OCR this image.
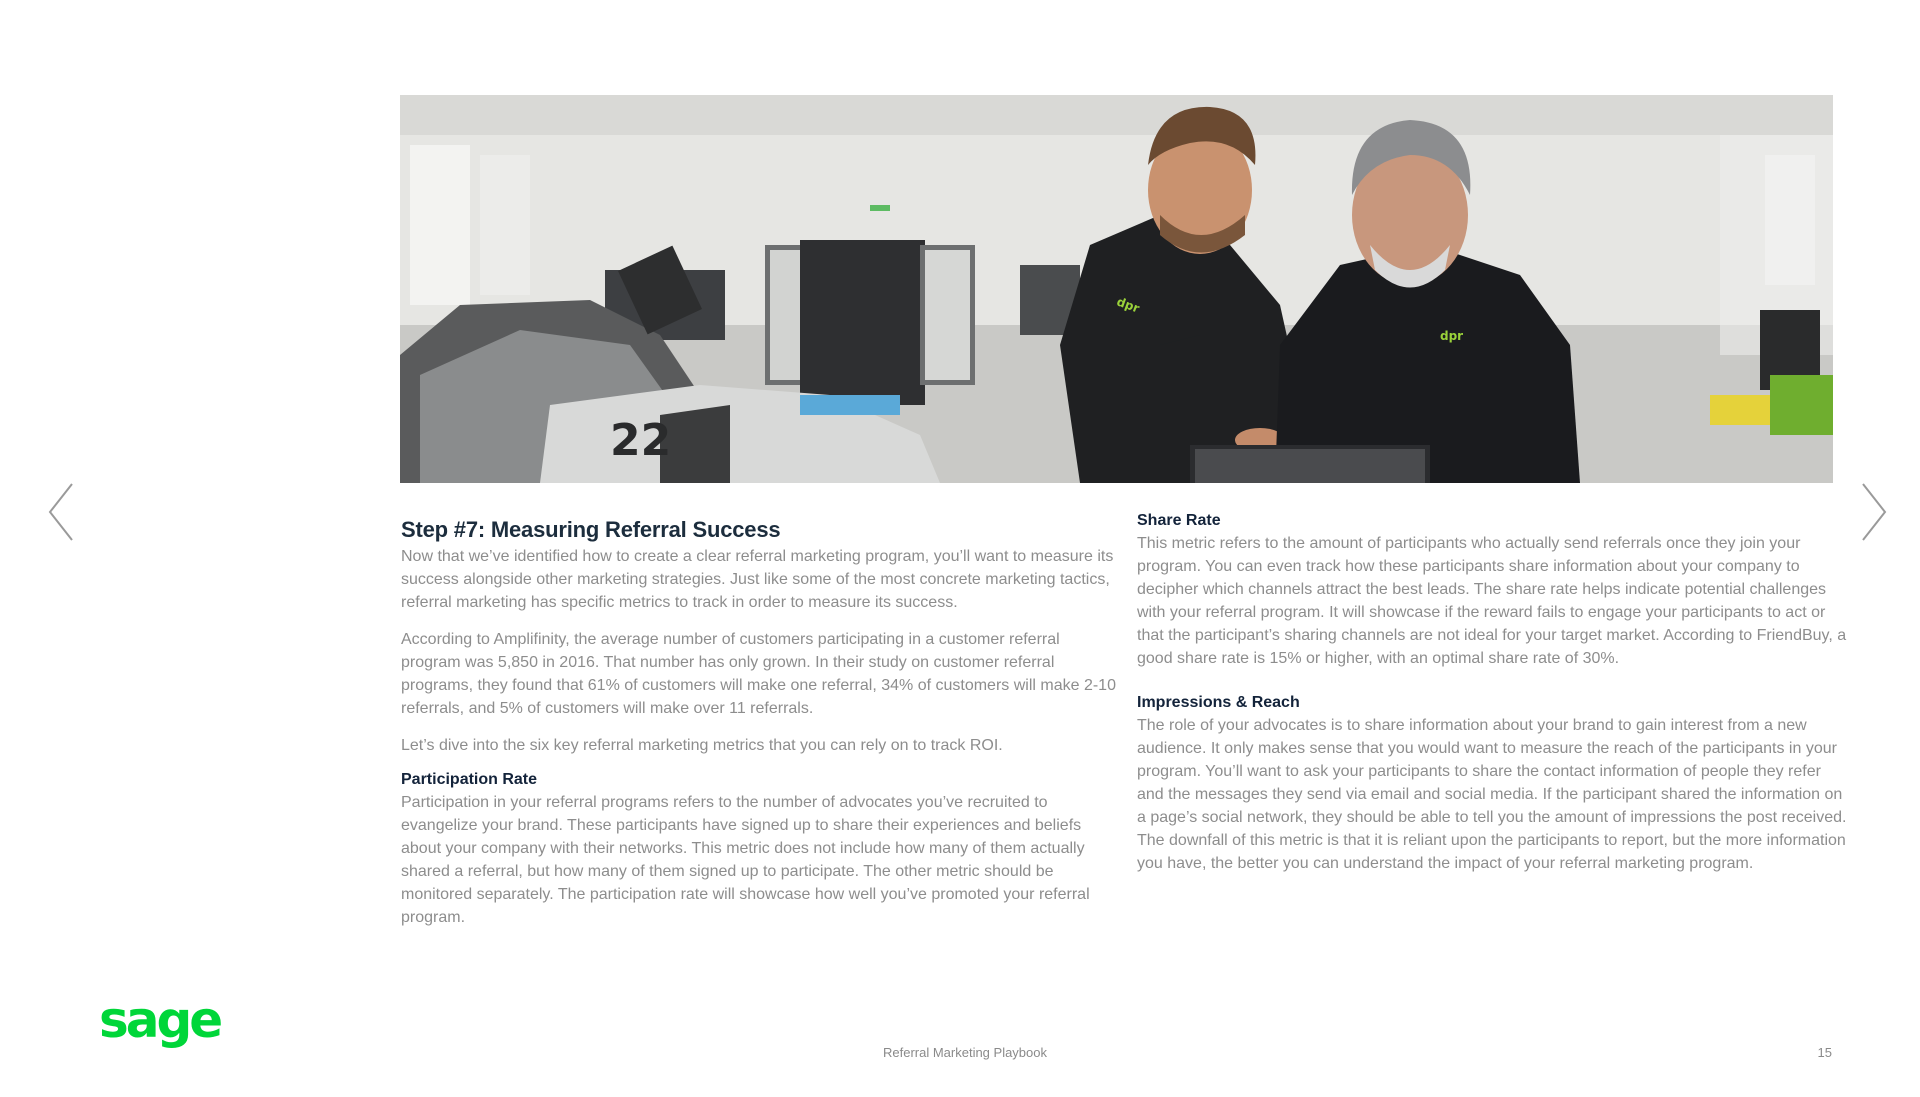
22
dpr
dpr
Step #7: Measuring Referral Success

Now that we’ve identified how to create a clear referral marketing program, you’ll want to measure its success alongside other marketing strategies. Just like some of the most concrete marketing tactics, referral marketing has specific metrics to track in order to measure its success.

According to Amplifinity, the average number of customers participating in a customer referral program was 5,850 in 2016. That number has only grown. In their study on customer referral programs, they found that 61% of customers will make one referral, 34% of customers will make 2-10 referrals, and 5% of customers will make over 11 referrals.

Let’s dive into the six key referral marketing metrics that you can rely on to track ROI.

Participation Rate

Participation in your referral programs refers to the number of advocates you’ve recruited to evangelize your brand. These participants have signed up to share their experiences and beliefs about your company with their networks. This metric does not include how many of them actually shared a referral, but how many of them signed up to participate. The other metric should be monitored separately. The participation rate will showcase how well you’ve promoted your referral program.

Share Rate

This metric refers to the amount of participants who actually send referrals once they join your program. You can even track how these participants share information about your company to decipher which channels attract the best leads. The share rate helps indicate potential challenges with your referral program. It will showcase if the reward fails to engage your participants to act or that the participant’s sharing channels are not ideal for your target market. According to FriendBuy, a good share rate is 15% or higher, with an optimal share rate of 30%.

Impressions & Reach

The role of your advocates is to share information about your brand to gain interest from a new audience. It only makes sense that you would want to measure the reach of the participants in your program. You’ll want to ask your participants to share the contact information of people they refer and the messages they send via email and social media. If the participant shared the information on a page’s social network, they should be able to tell you the amount of impressions the post received. The downfall of this metric is that it is reliant upon the participants to report, but the more information you have, the better you can understand the impact of your referral marketing program.

sage
Referral Marketing Playbook	15
